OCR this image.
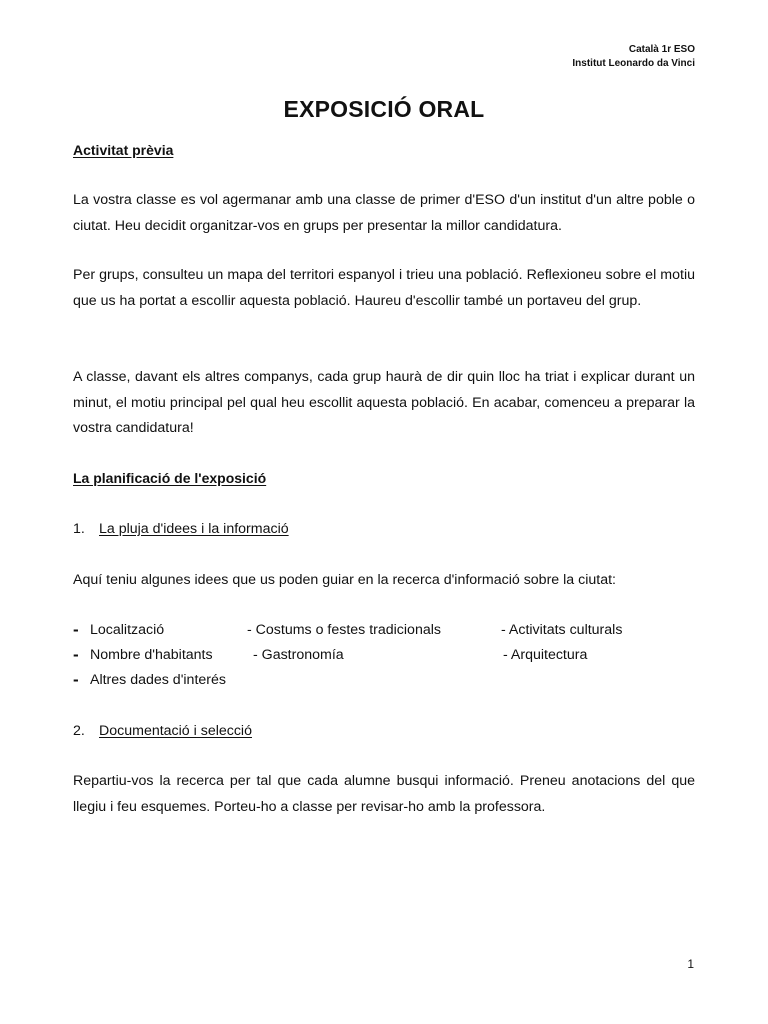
Català 1r ESO
Institut Leonardo da Vinci
EXPOSICIÓ ORAL
Activitat prèvia
La vostra classe es vol agermanar amb una classe de primer d'ESO d'un institut d'un altre poble o ciutat. Heu decidit organitzar-vos en grups per presentar la millor candidatura.
Per grups, consulteu un mapa del territori espanyol i trieu una població. Reflexioneu sobre el motiu que us ha portat a escollir aquesta població. Haureu d'escollir també un portaveu del grup.
A classe, davant els altres companys, cada grup haurà de dir quin lloc ha triat i explicar durant un minut, el motiu principal pel qual heu escollit aquesta població. En acabar, comenceu a preparar la vostra candidatura!
La planificació de l'exposició
1. La pluja d'idees i la informació
Aquí teniu algunes idees que us poden guiar en la recerca d'informació sobre la ciutat:
- Localització	- Costums o festes tradicionals	- Activitats culturals
- Nombre d'habitants	- Gastronomía	- Arquitectura
- Altres dades d'interés
2. Documentació i selecció
Repartiu-vos la recerca per tal que cada alumne busqui informació. Preneu anotacions del que llegiu i feu esquemes. Porteu-ho a classe per revisar-ho amb la professora.
1
